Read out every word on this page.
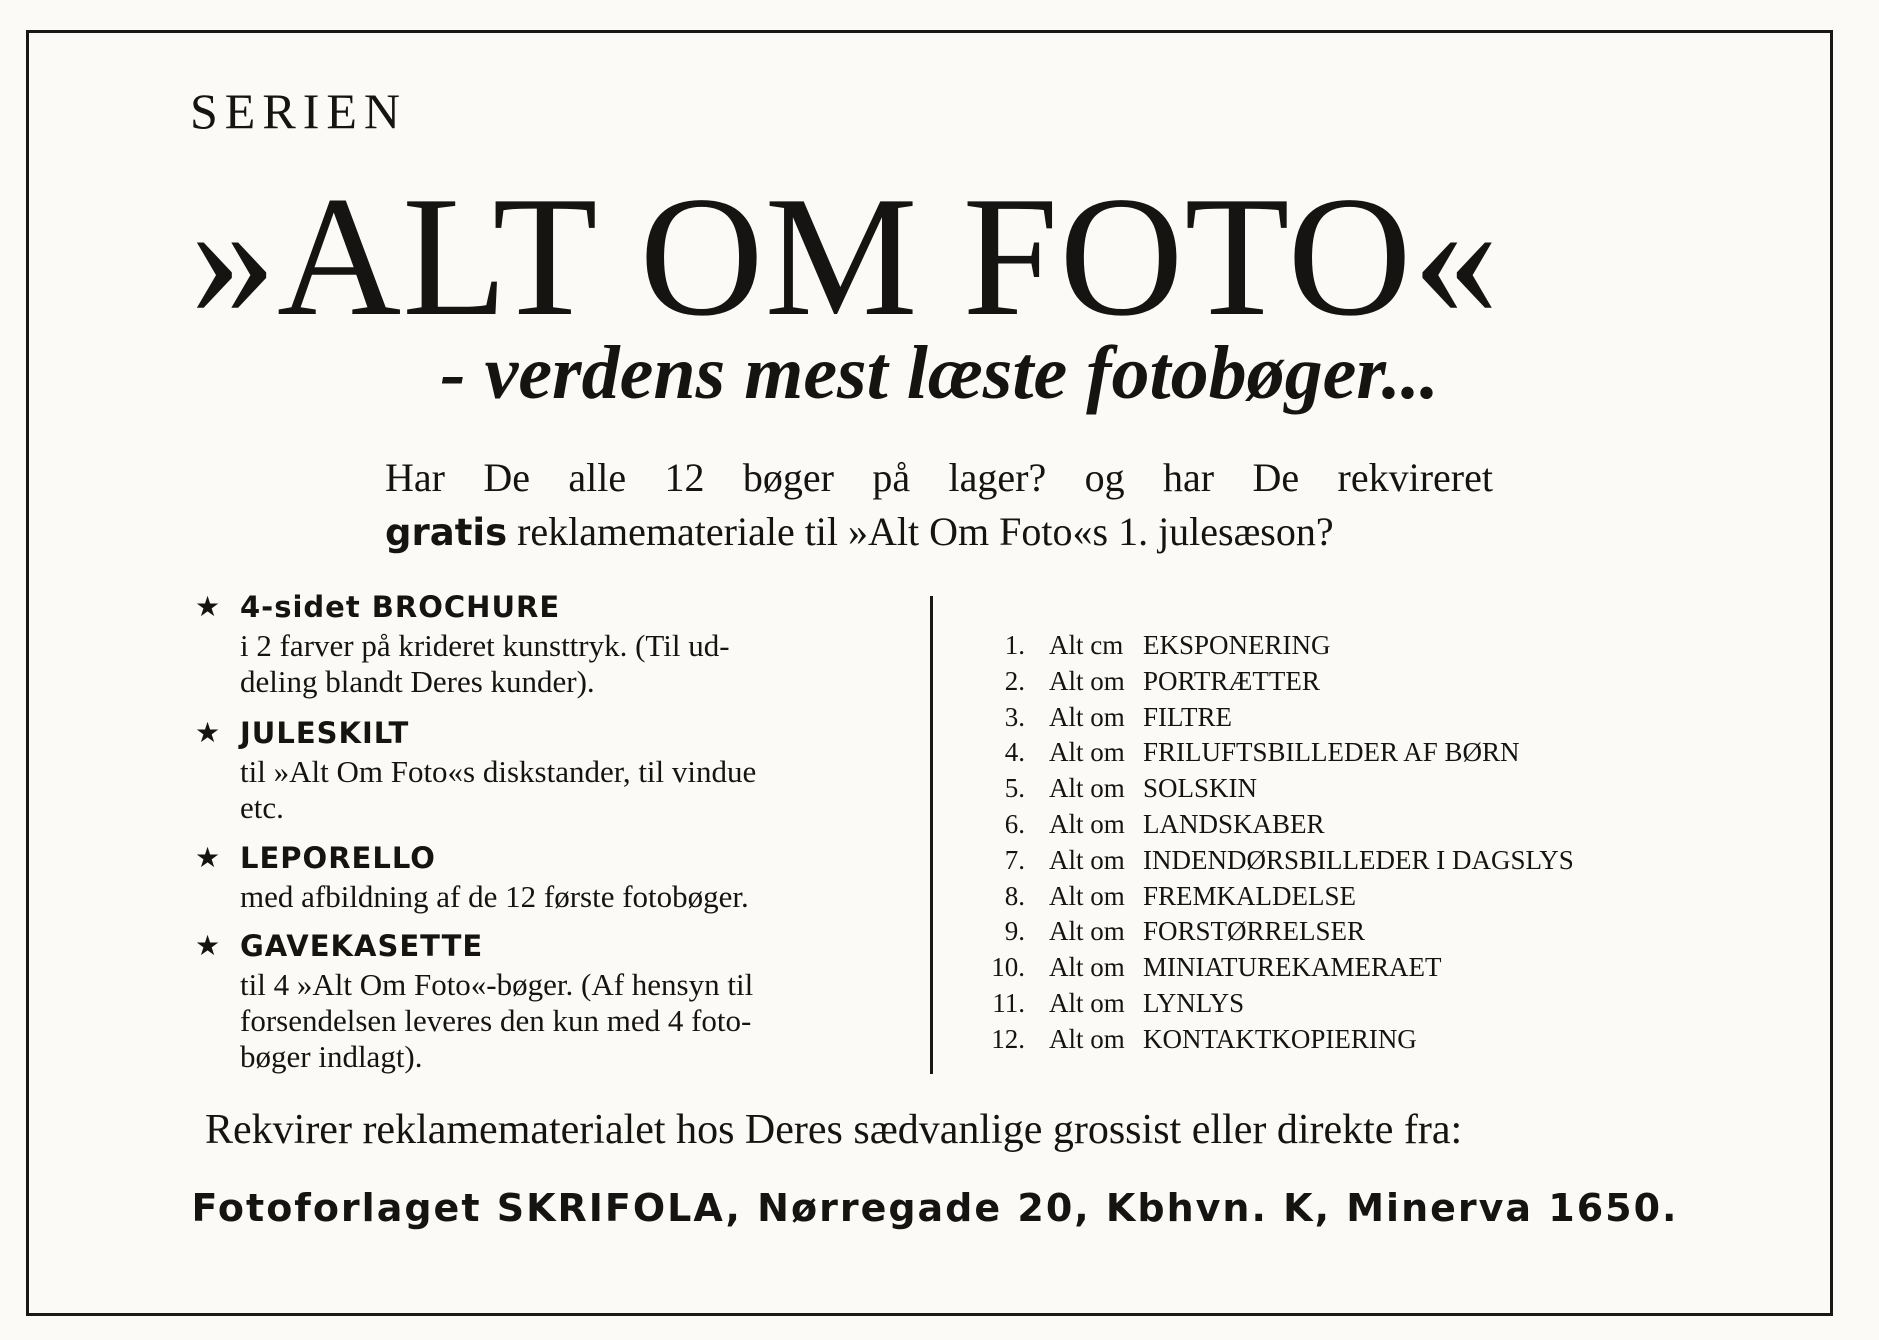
SERIEN
»ALT OM FOTO«
- verdens mest læste fotobøger...
Har De alle 12 bøger på lager? og har De rekvireret
gratis reklamemateriale til »Alt Om Foto«s 1. julesæson?
★ 4-sidet BROCHURE
i 2 farver på krideret kunsttryk. (Til ud-
deling blandt Deres kunder).
★ JULESKILT
til »Alt Om Foto«s diskstander, til vindue
etc.
★ LEPORELLO
med afbildning af de 12 første fotobøger.
★ GAVEKASETTE
til 4 »Alt Om Foto«-bøger. (Af hensyn til
forsendelsen leveres den kun med 4 foto-
bøger indlagt).
1. Alt cm EKSPONERING
2. Alt om PORTRÆTTER
3. Alt om FILTRE
4. Alt om FRILUFTSBILLEDER AF BØRN
5. Alt om SOLSKIN
6. Alt om LANDSKABER
7. Alt om INDENDØRSBILLEDER I DAGSLYS
8. Alt om FREMKALDELSE
9. Alt om FORSTØRRELSER
10. Alt om MINIATUREKAMERAET
11. Alt om LYNLYS
12. Alt om KONTAKTKOPIERING
Rekvirer reklamematerialet hos Deres sædvanlige grossist eller direkte fra:
Fotoforlaget SKRIFOLA, Nørregade 20, Kbhvn. K, Minerva 1650.
